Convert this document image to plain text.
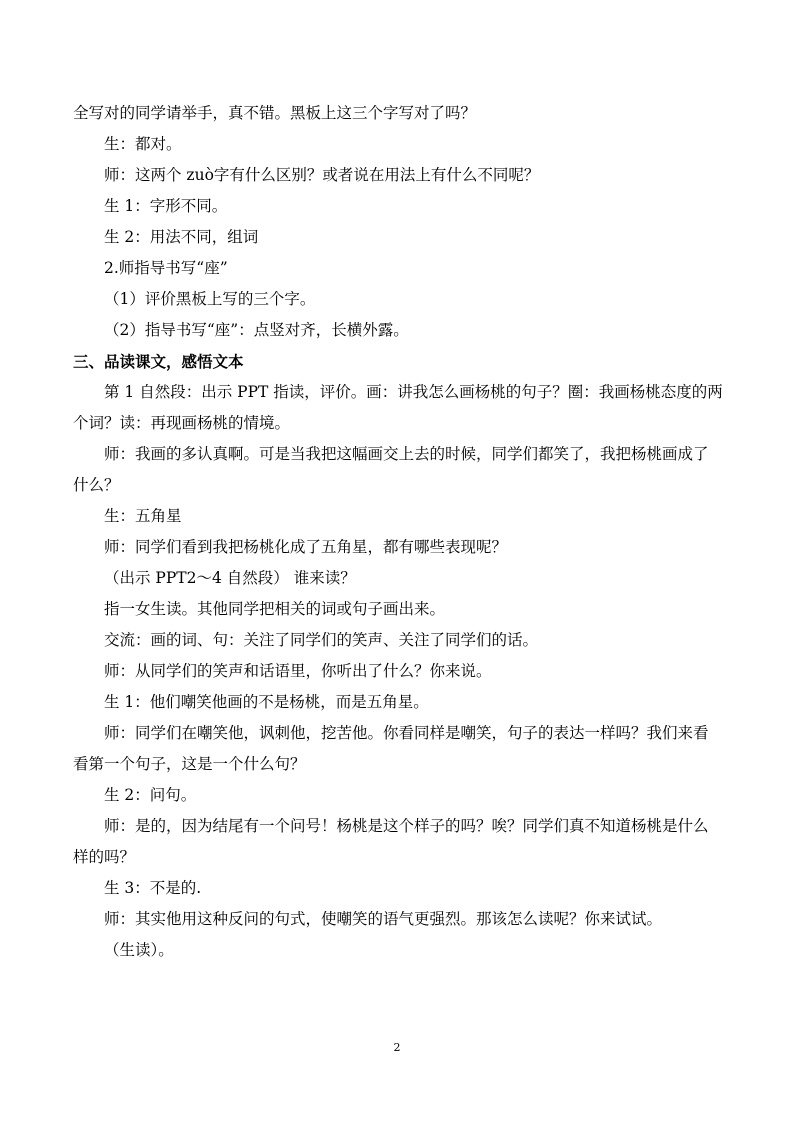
全写对的同学请举手，真不错。黑板上这三个字写对了吗？
生：都对。
师：这两个 zuò字有什么区别？或者说在用法上有什么不同呢？
生 1：字形不同。
生 2：用法不同，组词
2.师指导书写“座”
（1）评价黑板上写的三个字。
（2）指导书写“座”：点竖对齐，长横外露。
三、品读课文，感悟文本
第 1 自然段：出示 PPT 指读，评价。画：讲我怎么画杨桃的句子？圈：我画杨桃态度的两
个词？读：再现画杨桃的情境。
师：我画的多认真啊。可是当我把这幅画交上去的时候，同学们都笑了，我把杨桃画成了
什么？
生：五角星
师：同学们看到我把杨桃化成了五角星，都有哪些表现呢？
（出示 PPT2～4 自然段） 谁来读？
指一女生读。其他同学把相关的词或句子画出来。
交流：画的词、句：关注了同学们的笑声、关注了同学们的话。
师：从同学们的笑声和话语里，你听出了什么？你来说。
生 1：他们嘲笑他画的不是杨桃，而是五角星。
师：同学们在嘲笑他，讽刺他，挖苦他。你看同样是嘲笑，句子的表达一样吗？我们来看
看第一个句子，这是一个什么句？
生 2：问句。
师：是的，因为结尾有一个问号！杨桃是这个样子的吗？唉？同学们真不知道杨桃是什么
样的吗？
生 3：不是的.
师：其实他用这种反问的句式，使嘲笑的语气更强烈。那该怎么读呢？你来试试。
（生读）。
2
